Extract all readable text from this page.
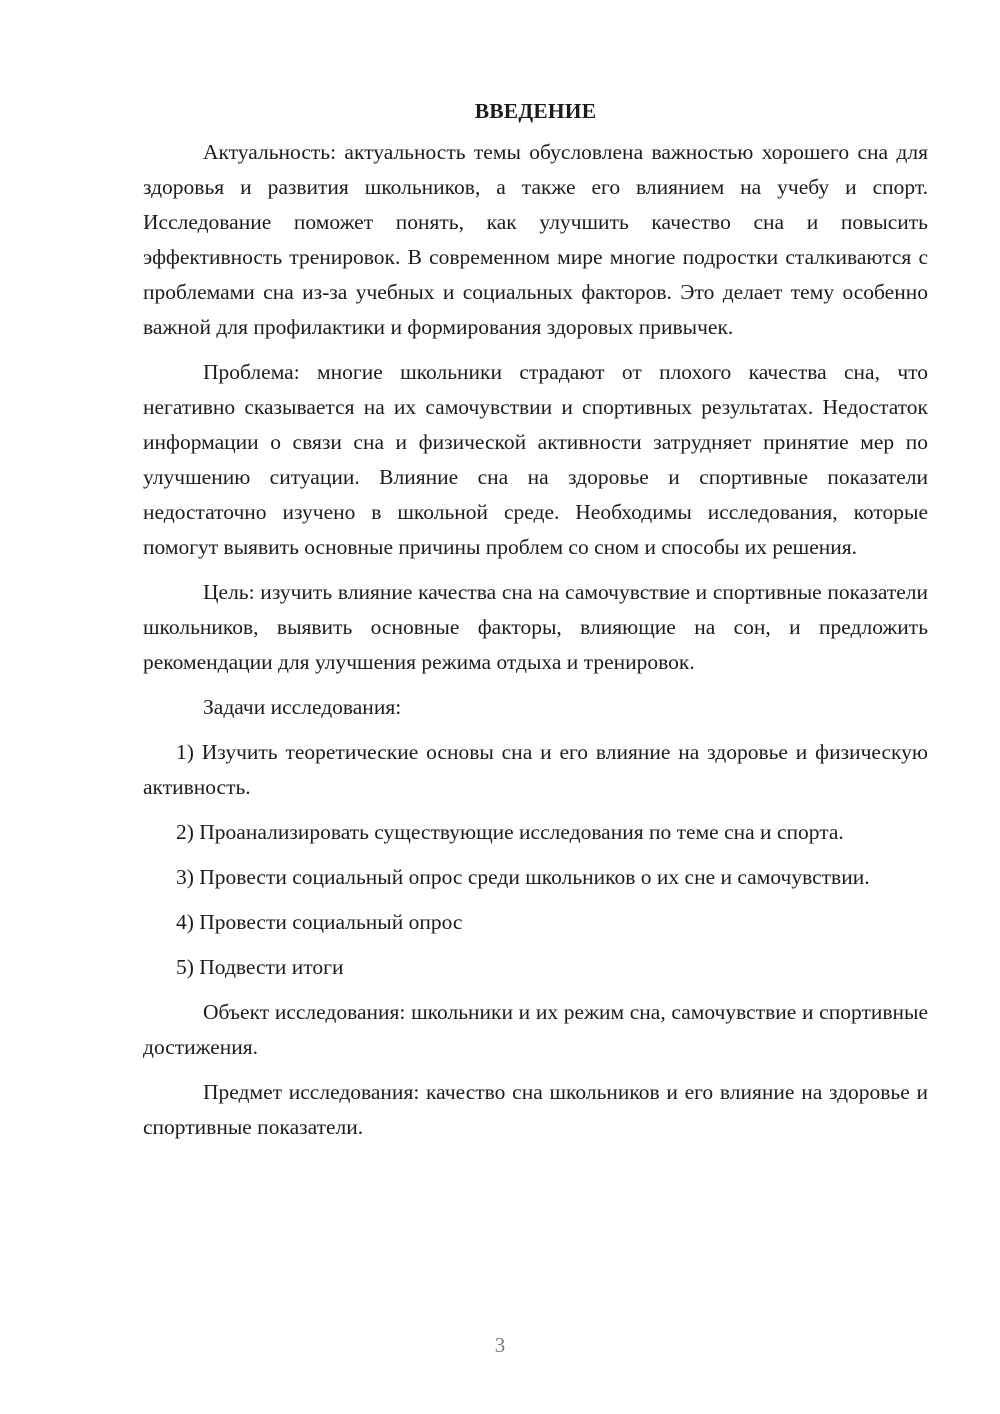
ВВЕДЕНИЕ

Актуальность: актуальность темы обусловлена важностью хорошего сна для здоровья и развития школьников, а также его влиянием на учебу и спорт. Исследование поможет понять, как улучшить качество сна и повысить эффективность тренировок. В современном мире многие подростки сталкиваются с проблемами сна из-за учебных и социальных факторов. Это делает тему особенно важной для профилактики и формирования здоровых привычек.

Проблема: многие школьники страдают от плохого качества сна, что негативно сказывается на их самочувствии и спортивных результатах. Недостаток информации о связи сна и физической активности затрудняет принятие мер по улучшению ситуации. Влияние сна на здоровье и спортивные показатели недостаточно изучено в школьной среде. Необходимы исследования, которые помогут выявить основные причины проблем со сном и способы их решения.

Цель: изучить влияние качества сна на самочувствие и спортивные показатели школьников, выявить основные факторы, влияющие на сон, и предложить рекомендации для улучшения режима отдыха и тренировок.

Задачи исследования:

1) Изучить теоретические основы сна и его влияние на здоровье и физическую активность.

2) Проанализировать существующие исследования по теме сна и спорта.

3) Провести социальный опрос среди школьников о их сне и самочувствии.

4) Провести социальный опрос

5) Подвести итоги

Объект исследования: школьники и их режим сна, самочувствие и спортивные достижения.

Предмет исследования: качество сна школьников и его влияние на здоровье и спортивные показатели.

3
